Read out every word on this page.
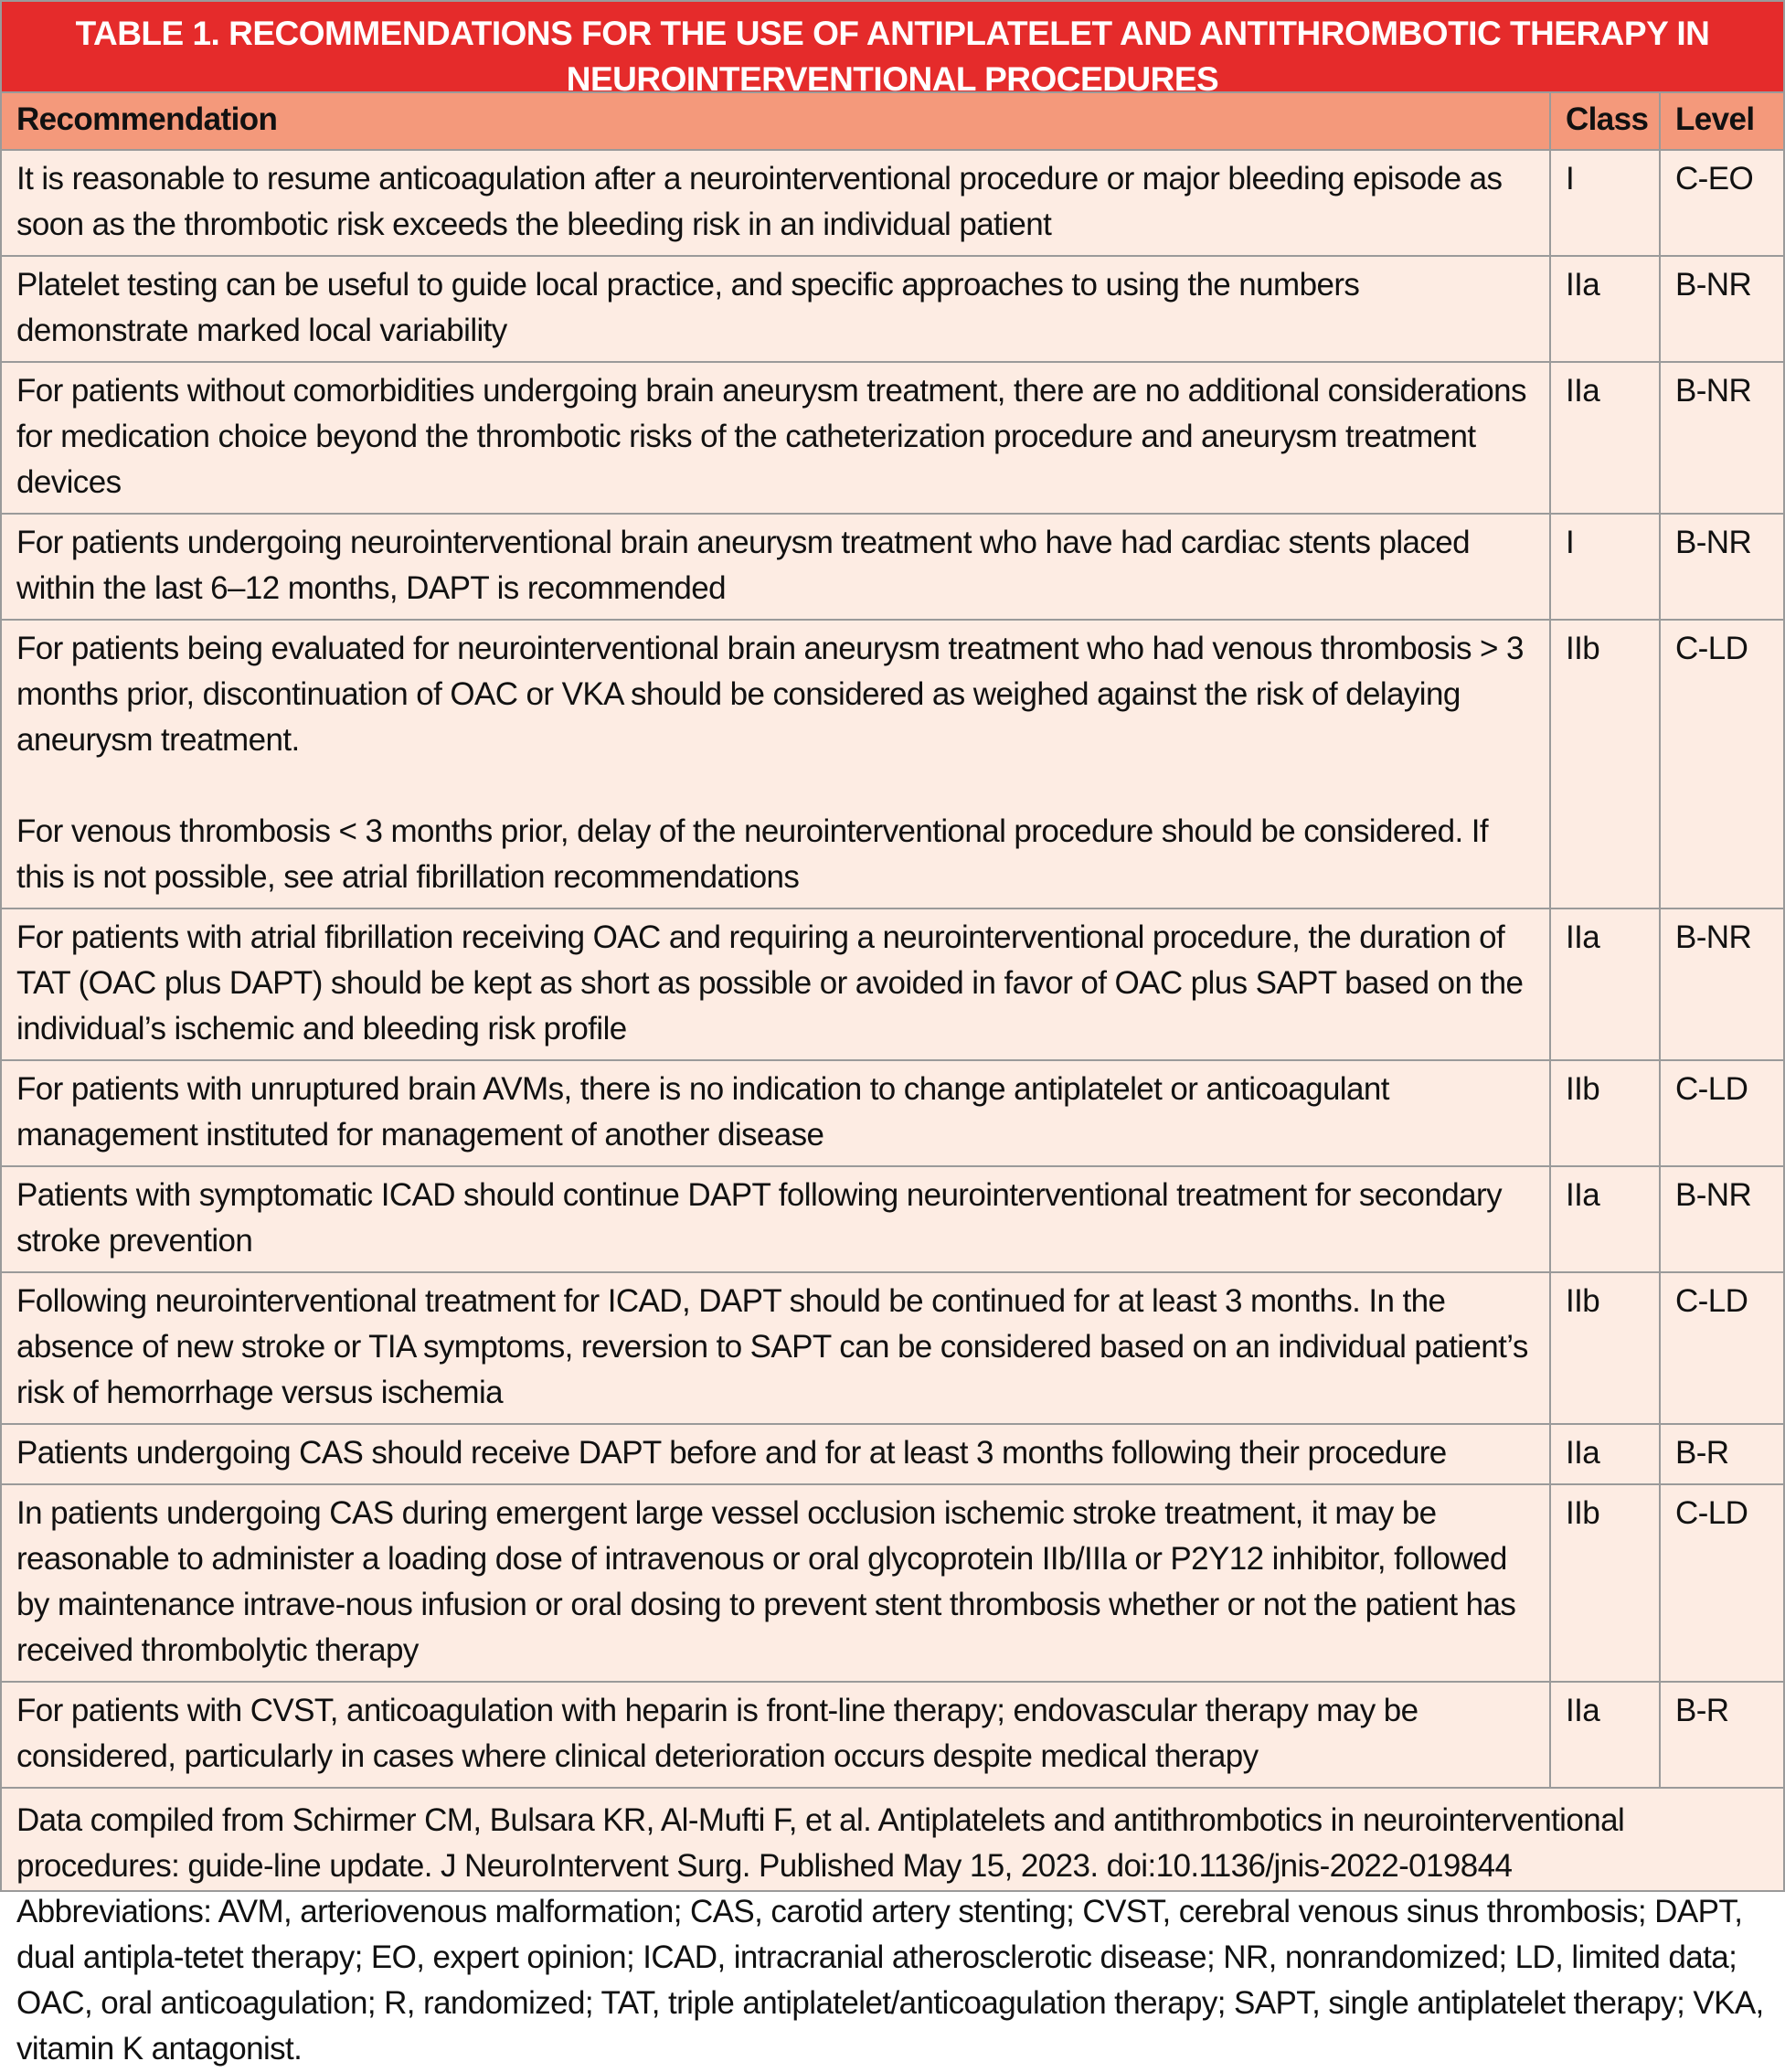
TABLE 1. RECOMMENDATIONS FOR THE USE OF ANTIPLATELET AND ANTITHROMBOTIC THERAPY IN NEUROINTERVENTIONAL PROCEDURES
Recommendation	Class	Level
It is reasonable to resume anticoagulation after a neurointerventional procedure or major bleeding episode as soon as the thrombotic risk exceeds the bleeding risk in an individual patient	I	C-EO
Platelet testing can be useful to guide local practice, and specific approaches to using the numbers demonstrate marked local variability	IIa	B-NR
For patients without comorbidities undergoing brain aneurysm treatment, there are no additional considerations for medication choice beyond the thrombotic risks of the catheterization procedure and aneurysm treatment devices	IIa	B-NR
For patients undergoing neurointerventional brain aneurysm treatment who have had cardiac stents placed within the last 6–12 months, DAPT is recommended	I	B-NR
For patients being evaluated for neurointerventional brain aneurysm treatment who had venous thrombosis > 3 months prior, discontinuation of OAC or VKA should be considered as weighed against the risk of delaying aneurysm treatment.
For venous thrombosis < 3 months prior, delay of the neurointerventional procedure should be considered. If this is not possible, see atrial fibrillation recommendations	IIb	C-LD
For patients with atrial fibrillation receiving OAC and requiring a neurointerventional procedure, the duration of TAT (OAC plus DAPT) should be kept as short as possible or avoided in favor of OAC plus SAPT based on the individual’s ischemic and bleeding risk profile	IIa	B-NR
For patients with unruptured brain AVMs, there is no indication to change antiplatelet or anticoagulant management instituted for management of another disease	IIb	C-LD
Patients with symptomatic ICAD should continue DAPT following neurointerventional treatment for secondary stroke prevention	IIa	B-NR
Following neurointerventional treatment for ICAD, DAPT should be continued for at least 3 months. In the absence of new stroke or TIA symptoms, reversion to SAPT can be considered based on an individual patient’s risk of hemorrhage versus ischemia	IIb	C-LD
Patients undergoing CAS should receive DAPT before and for at least 3 months following their procedure	IIa	B-R
In patients undergoing CAS during emergent large vessel occlusion ischemic stroke treatment, it may be reasonable to administer a loading dose of intravenous or oral glycoprotein IIb/IIIa or P2Y12 inhibitor, followed by maintenance intrave-nous infusion or oral dosing to prevent stent thrombosis whether or not the patient has received thrombolytic therapy	IIb	C-LD
For patients with CVST, anticoagulation with heparin is front-line therapy; endovascular therapy may be considered, particularly in cases where clinical deterioration occurs despite medical therapy	IIa	B-R

Data compiled from Schirmer CM, Bulsara KR, Al-Mufti F, et al. Antiplatelets and antithrombotics in neurointerventional procedures: guide-line update. J NeuroIntervent Surg. Published May 15, 2023. doi:10.1136/jnis-2022-019844

Abbreviations: AVM, arteriovenous malformation; CAS, carotid artery stenting; CVST, cerebral venous sinus thrombosis; DAPT, dual antipla-tetet therapy; EO, expert opinion; ICAD, intracranial atherosclerotic disease; NR, nonrandomized; LD, limited data; OAC, oral anticoagulation; R, randomized; TAT, triple antiplatelet/anticoagulation therapy; SAPT, single antiplatelet therapy; VKA, vitamin K antagonist.
